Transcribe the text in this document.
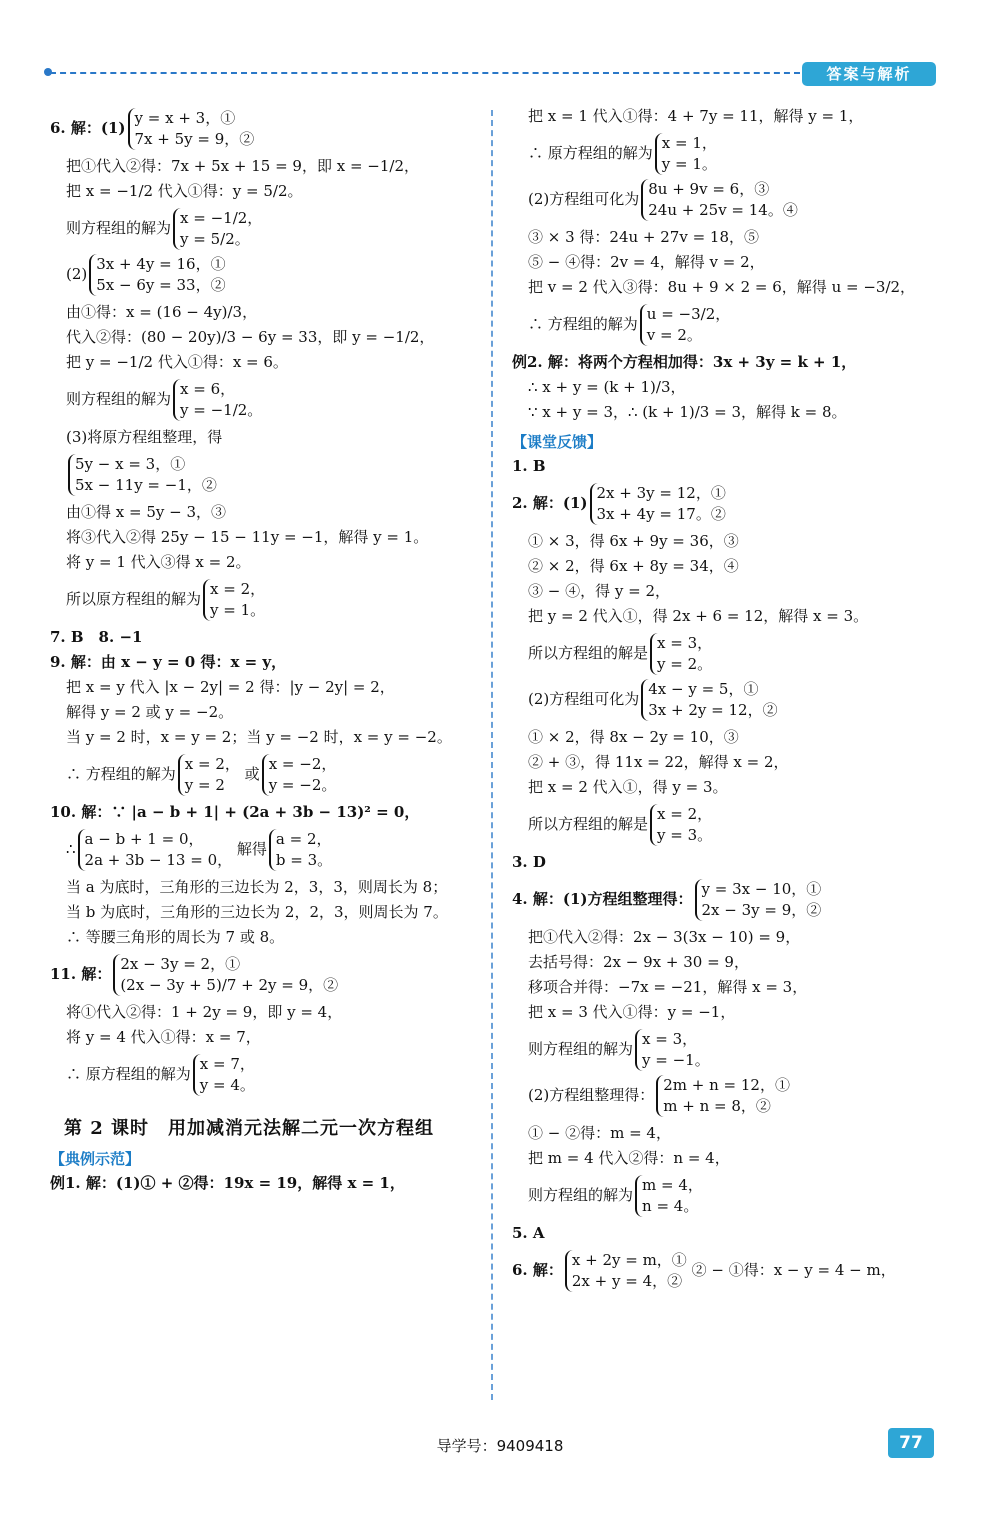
答案与解析
6. 解：(1)
y = x + 3，①
7x + 5y = 9，②
把①代入②得：7x + 5x + 15 = 9，即 x = −1/2，
把 x = −1/2 代入①得：y = 5/2。
则方程组的解为
x = −1/2，
y = 5/2。
(2)
3x + 4y = 16，①
5x − 6y = 33，②
由①得：x = (16 − 4y)/3，
代入②得：(80 − 20y)/3 − 6y = 33，即 y = −1/2，
把 y = −1/2 代入①得：x = 6。
则方程组的解为
x = 6，
y = −1/2。
(3)将原方程组整理，得
5y − x = 3，①
5x − 11y = −1，②
由①得 x = 5y − 3，③
将③代入②得 25y − 15 − 11y = −1，解得 y = 1。
将 y = 1 代入③得 x = 2。
所以原方程组的解为
x = 2，
y = 1。
7. B　8. −1
9. 解：由 x − y = 0 得：x = y，
把 x = y 代入 |x − 2y| = 2 得：|y − 2y| = 2，
解得 y = 2 或 y = −2。
当 y = 2 时，x = y = 2；当 y = −2 时，x = y = −2。
∴ 方程组的解为
x = 2，
y = 2
或
x = −2，
y = −2。
10. 解：∵ |a − b + 1| + (2a + 3b − 13)² = 0，
∴
a − b + 1 = 0，
2a + 3b − 13 = 0，
解得
a = 2，
b = 3。
当 a 为底时，三角形的三边长为 2，3，3，则周长为 8；
当 b 为底时，三角形的三边长为 2，2，3，则周长为 7。
∴ 等腰三角形的周长为 7 或 8。
11. 解：
2x − 3y = 2，①
(2x − 3y + 5)/7 + 2y = 9，②
将①代入②得：1 + 2y = 9，即 y = 4，
将 y = 4 代入①得：x = 7，
∴ 原方程组的解为
x = 7，
y = 4。
第 2 课时　用加减消元法解二元一次方程组
【典例示范】
例1. 解：(1)① + ②得：19x = 19，解得 x = 1，
把 x = 1 代入①得：4 + 7y = 11，解得 y = 1，
∴ 原方程组的解为
x = 1，
y = 1。
(2)方程组可化为
8u + 9v = 6，③
24u + 25v = 14。④
③ × 3 得：24u + 27v = 18，⑤
⑤ − ④得：2v = 4，解得 v = 2，
把 v = 2 代入③得：8u + 9 × 2 = 6，解得 u = −3/2，
∴ 方程组的解为
u = −3/2，
v = 2。
例2. 解：将两个方程相加得：3x + 3y = k + 1，
∴ x + y = (k + 1)/3，
∵ x + y = 3，∴ (k + 1)/3 = 3，解得 k = 8。
【课堂反馈】
1. B
2. 解：(1)
2x + 3y = 12，①
3x + 4y = 17。②
① × 3，得 6x + 9y = 36，③
② × 2，得 6x + 8y = 34，④
③ − ④，得 y = 2，
把 y = 2 代入①，得 2x + 6 = 12，解得 x = 3。
所以方程组的解是
x = 3，
y = 2。
(2)方程组可化为
4x − y = 5，①
3x + 2y = 12，②
① × 2，得 8x − 2y = 10，③
② + ③，得 11x = 22，解得 x = 2，
把 x = 2 代入①，得 y = 3。
所以方程组的解是
x = 2，
y = 3。
3. D
4. 解：(1)方程组整理得：
y = 3x − 10，①
2x − 3y = 9，②
把①代入②得：2x − 3(3x − 10) = 9，
去括号得：2x − 9x + 30 = 9，
移项合并得：−7x = −21，解得 x = 3，
把 x = 3 代入①得：y = −1，
则方程组的解为
x = 3，
y = −1。
(2)方程组整理得：
2m + n = 12，①
m + n = 8，②
① − ②得：m = 4，
把 m = 4 代入②得：n = 4，
则方程组的解为
m = 4，
n = 4。
5. A
6. 解：
x + 2y = m，①
2x + y = 4，②
② − ①得：x − y = 4 − m，
导学号：9409418	77
